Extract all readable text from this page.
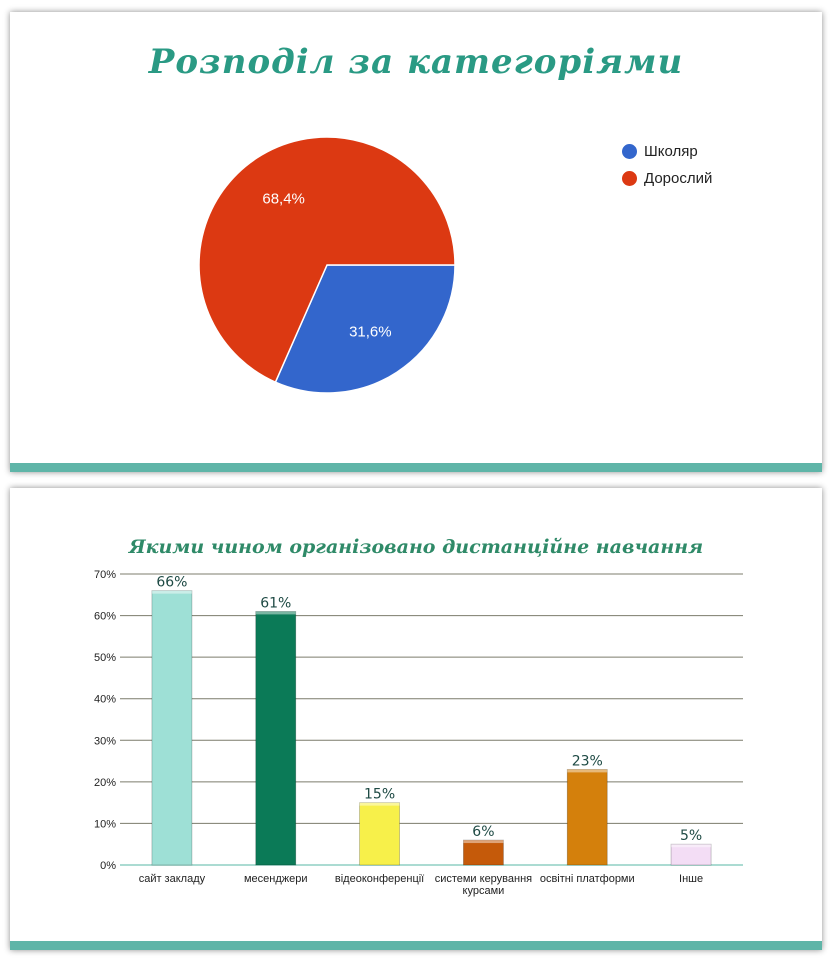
Розподіл за категоріями
31,6%
68,4%
Школяр
Дорослий
Якими чином організовано дистанційне навчання
0%
10%
20%
30%
40%
50%
60%
70%	66%
сайт закладу
61%
месенджери
15%
відеоконференції
6%
системи керування
курсами
23%
освітні платформи
5%
Інше
